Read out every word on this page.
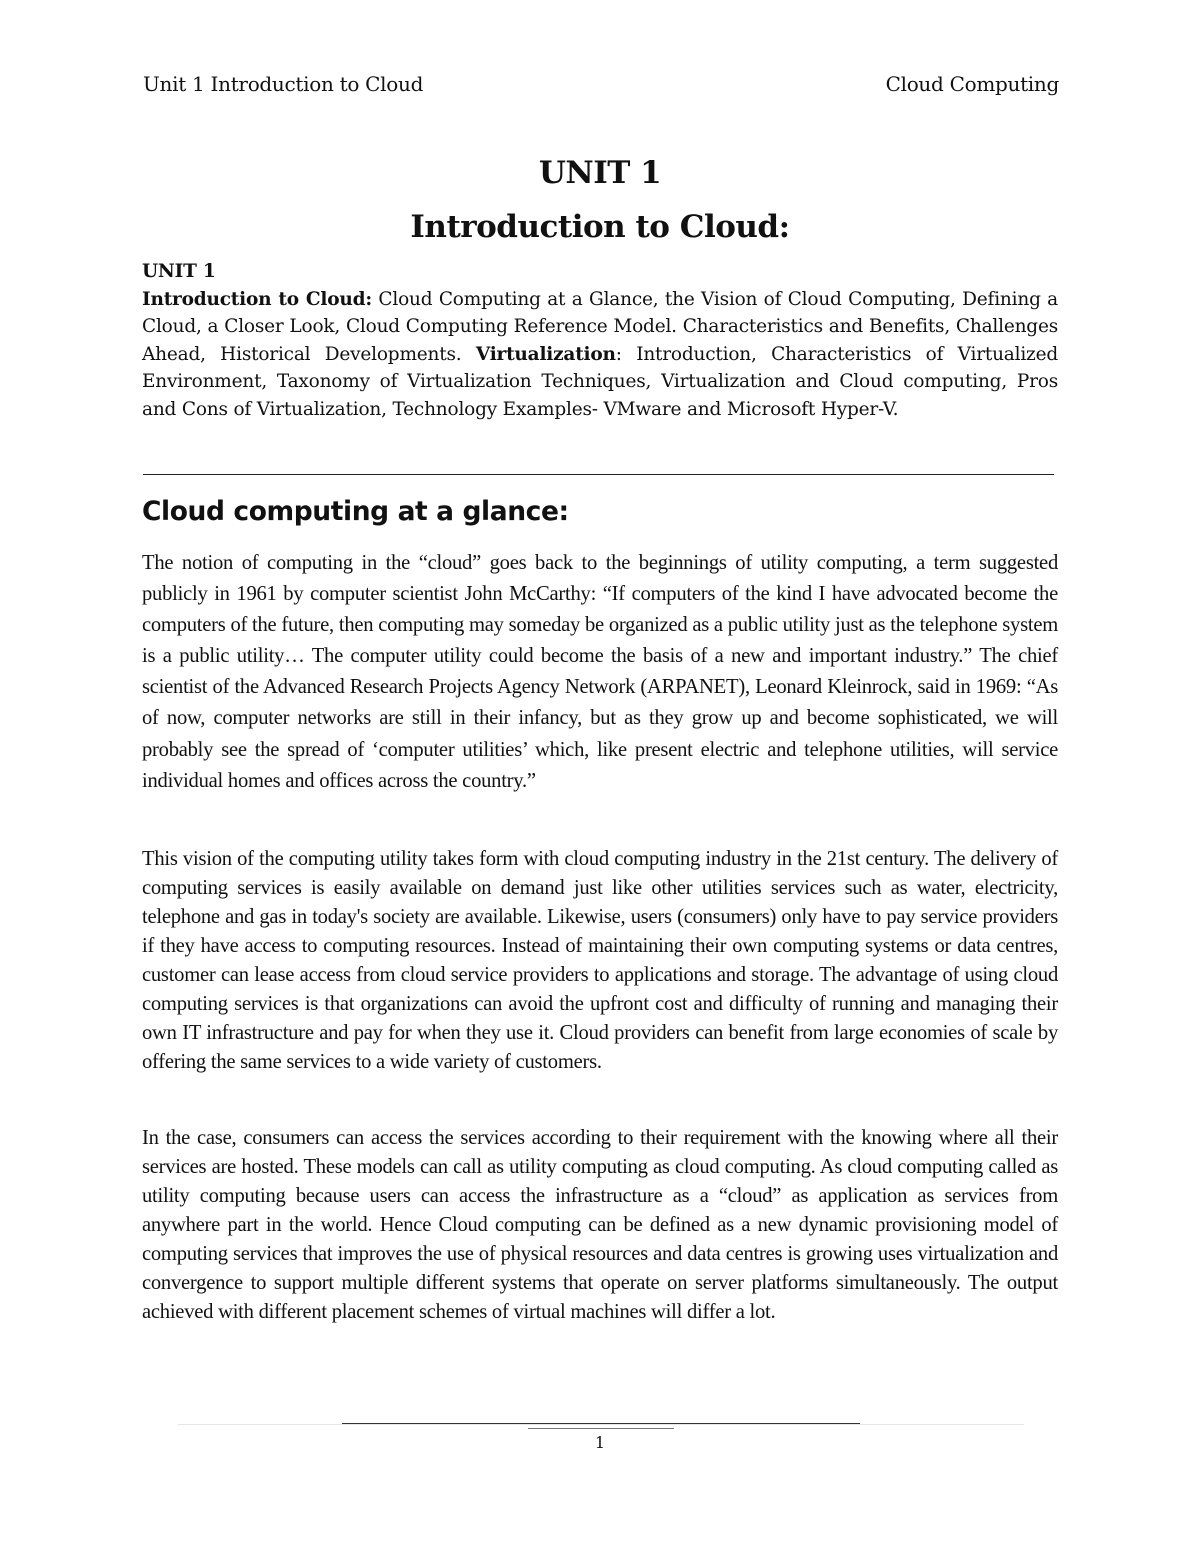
Unit 1 Introduction to Cloud	Cloud Computing
UNIT 1
Introduction to Cloud:
UNIT 1
Introduction to Cloud: Cloud Computing at a Glance, the Vision of Cloud Computing, Defining a Cloud, a Closer Look, Cloud Computing Reference Model. Characteristics and Benefits, Challenges Ahead, Historical Developments. Virtualization: Introduction, Characteristics of Virtualized Environment, Taxonomy of Virtualization Techniques, Virtualization and Cloud computing, Pros and Cons of Virtualization, Technology Examples- VMware and Microsoft Hyper-V.
Cloud computing at a glance:

The notion of computing in the “cloud” goes back to the beginnings of utility computing, a term suggested publicly in 1961 by computer scientist John McCarthy: “If computers of the kind I have advocated become the computers of the future, then computing may someday be organized as a public utility just as the telephone system is a public utility… The computer utility could become the basis of a new and important industry.” The chief scientist of the Advanced Research Projects Agency Network (ARPANET), Leonard Kleinrock, said in 1969: “As of now, computer networks are still in their infancy, but as they grow up and become sophisticated, we will probably see the spread of ‘computer utilities’ which, like present electric and telephone utilities, will service individual homes and offices across the country.”

This vision of the computing utility takes form with cloud computing industry in the 21st century. The delivery of computing services is easily available on demand just like other utilities services such as water, electricity, telephone and gas in today's society are available. Likewise, users (consumers) only have to pay service providers if they have access to computing resources. Instead of maintaining their own computing systems or data centres, customer can lease access from cloud service providers to applications and storage. The advantage of using cloud computing services is that organizations can avoid the upfront cost and difficulty of running and managing their own IT infrastructure and pay for when they use it. Cloud providers can benefit from large economies of scale by offering the same services to a wide variety of customers.

In the case, consumers can access the services according to their requirement with the knowing where all their services are hosted. These models can call as utility computing as cloud computing. As cloud computing called as utility computing because users can access the infrastructure as a “cloud” as application as services from anywhere part in the world. Hence Cloud computing can be defined as a new dynamic provisioning model of computing services that improves the use of physical resources and data centres is growing uses virtualization and convergence to support multiple different systems that operate on server platforms simultaneously. The output achieved with different placement schemes of virtual machines will differ a lot.

1
